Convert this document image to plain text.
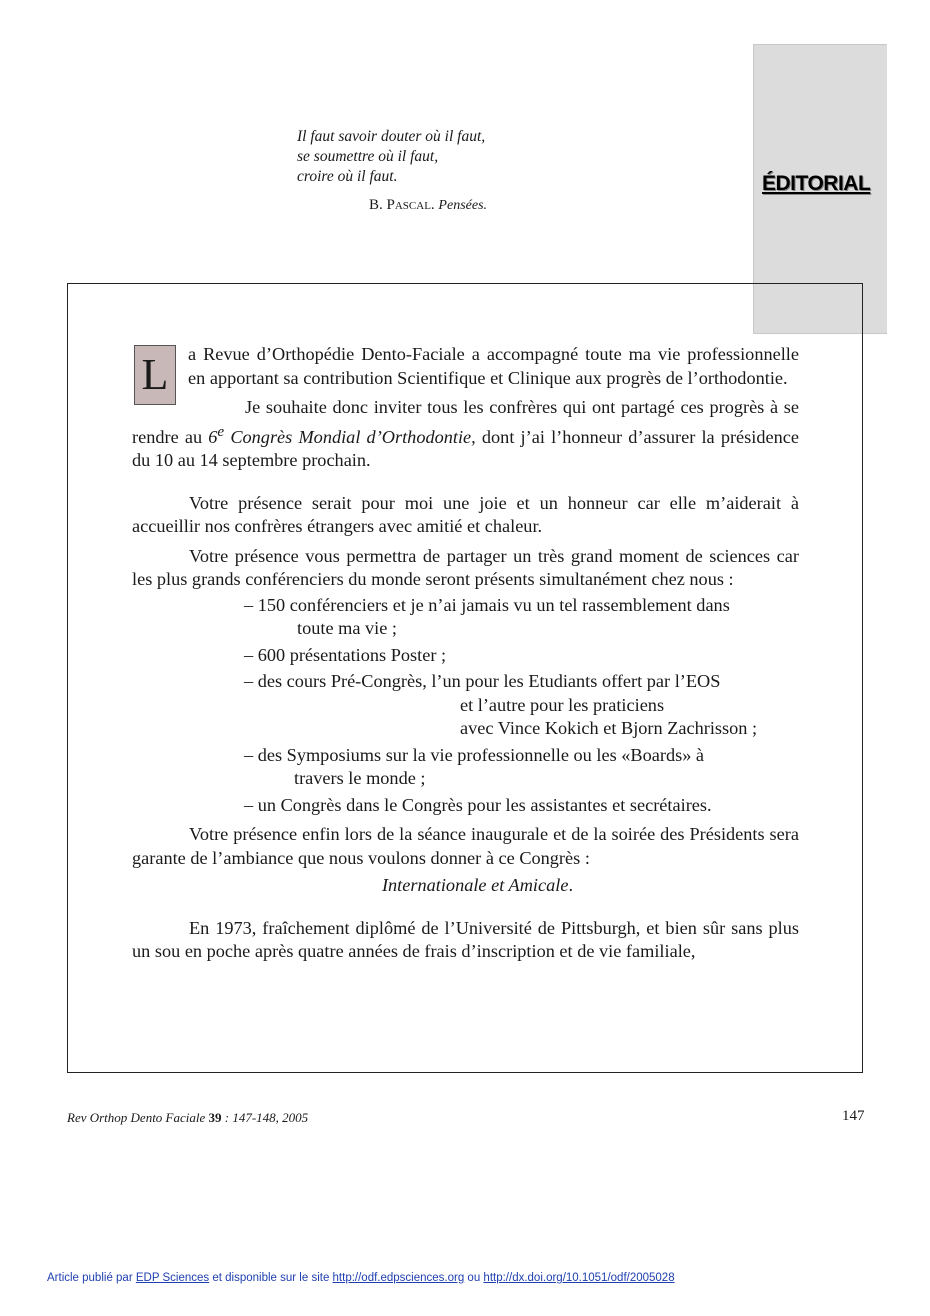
ÉDITORIAL
Il faut savoir douter où il faut,
se soumettre où il faut,
croire où il faut.
B. Pascal. Pensées.

L	a Revue d’Orthopédie Dento-Faciale a accompagné toute ma vie professionnelle en apportant sa contribution Scientifique et Clinique aux progrès de l’orthodontie.

Je souhaite donc inviter tous les confrères qui ont partagé ces progrès à se rendre au 6e Congrès Mondial d’Orthodontie, dont j’ai l’honneur d’assurer la présidence du 10 au 14 septembre prochain.

Votre présence serait pour moi une joie et un honneur car elle m’aiderait à accueillir nos confrères étrangers avec amitié et chaleur.

Votre présence vous permettra de partager un très grand moment de sciences car les plus grands conférenciers du monde seront présents simultanément chez nous :

– 150 conférenciers et je n’ai jamais vu un tel rassemblement dans
toute ma vie ;
– 600 présentations Poster ;
– des cours Pré-Congrès, l’un pour les Etudiants offert par l’EOS
et l’autre pour les praticiens
avec Vince Kokich et Bjorn Zachrisson ;
– des Symposiums sur la vie professionnelle ou les «Boards» à
travers le monde ;
– un Congrès dans le Congrès pour les assistantes et secrétaires.

Votre présence enfin lors de la séance inaugurale et de la soirée des Présidents sera garante de l’ambiance que nous voulons donner à ce Congrès :

Internationale et Amicale.

En 1973, fraîchement diplômé de l’Université de Pittsburgh, et bien sûr sans plus un sou en poche après quatre années de frais d’inscription et de vie familiale,

Rev Orthop Dento Faciale 39 : 147-148, 2005	147
Article publié par EDP Sciences et disponible sur le site http://odf.edpsciences.org ou http://dx.doi.org/10.1051/odf/2005028
